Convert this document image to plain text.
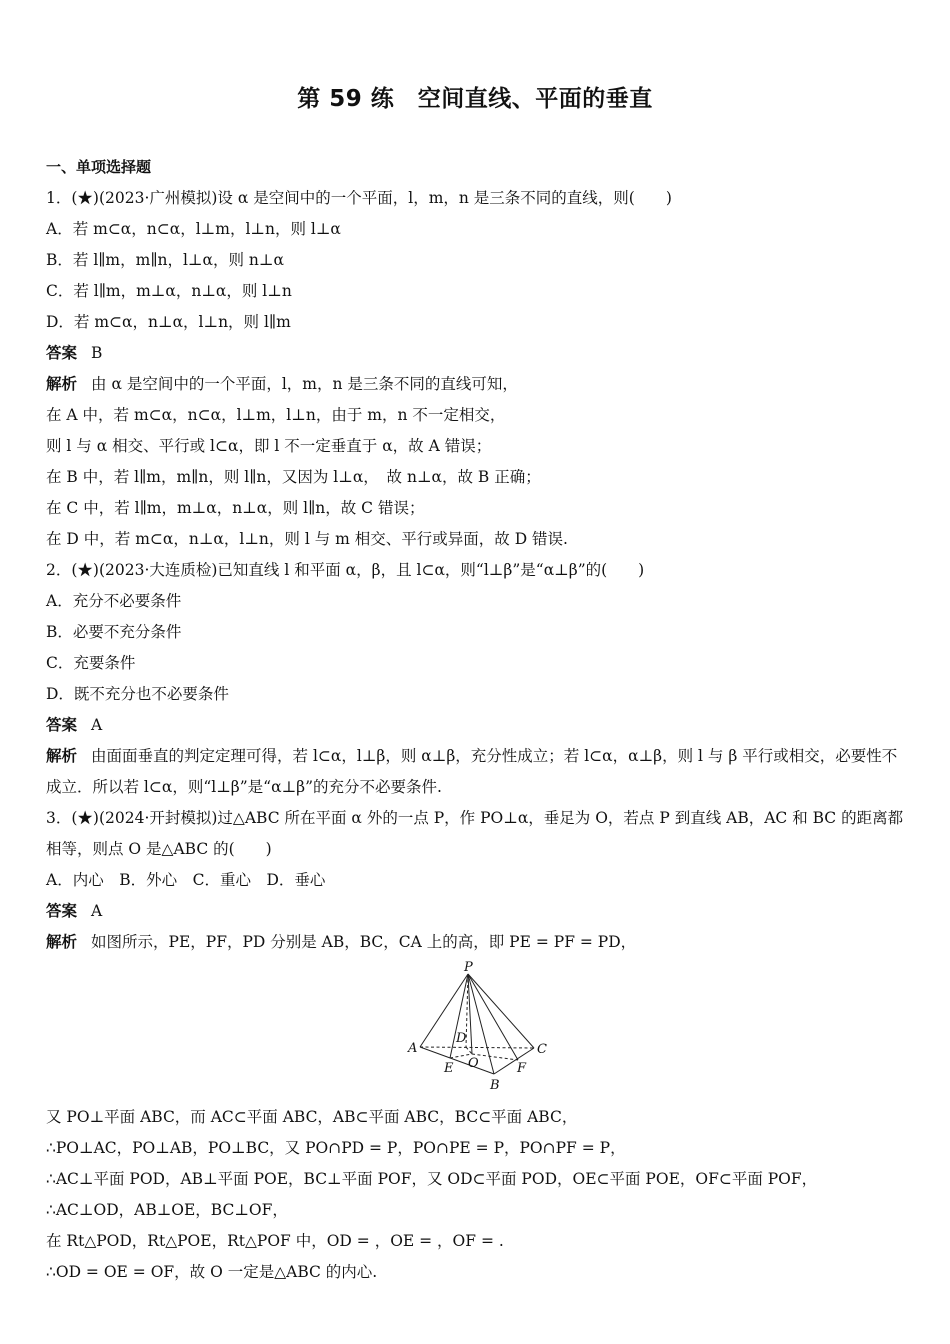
第 59 练　空间直线、平面的垂直
一、单项选择题
1．(★)(2023·广州模拟)设 α 是空间中的一个平面，l，m，n 是三条不同的直线，则(　　)
A．若 m⊂α，n⊂α，l⊥m，l⊥n，则 l⊥α
B．若 l∥m，m∥n，l⊥α，则 n⊥α
C．若 l∥m，m⊥α，n⊥α，则 l⊥n
D．若 m⊂α，n⊥α，l⊥n，则 l∥m
答案 B
解析 由 α 是空间中的一个平面，l，m，n 是三条不同的直线可知，
在 A 中，若 m⊂α，n⊂α，l⊥m，l⊥n，由于 m，n 不一定相交，
则 l 与 α 相交、平行或 l⊂α，即 l 不一定垂直于 α，故 A 错误；
在 B 中，若 l∥m，m∥n，则 l∥n，又因为 l⊥α，　故 n⊥α，故 B 正确；
在 C 中，若 l∥m，m⊥α，n⊥α，则 l∥n，故 C 错误；
在 D 中，若 m⊂α，n⊥α，l⊥n，则 l 与 m 相交、平行或异面，故 D 错误.
2．(★)(2023·大连质检)已知直线 l 和平面 α，β，且 l⊂α，则“l⊥β”是“α⊥β”的(　　)
A．充分不必要条件
B．必要不充分条件
C．充要条件
D．既不充分也不必要条件
答案 A
解析 由面面垂直的判定定理可得，若 l⊂α，l⊥β，则 α⊥β，充分性成立；若 l⊂α，α⊥β，则 l 与 β 平行或相交，必要性不成立．所以若 l⊂α，则“l⊥β”是“α⊥β”的充分不必要条件.
3．(★)(2024·开封模拟)过△ABC 所在平面 α 外的一点 P，作 PO⊥α，垂足为 O，若点 P 到直线 AB，AC 和 BC 的距离都相等，则点 O 是△ABC 的(　　)
A．内心　B．外心　C．重心　D．垂心
答案 A
解析 如图所示，PE，PF，PD 分别是 AB，BC，CA 上的高，即 PE = PF = PD，
P
A	C
B
D
E	F
O
又 PO⊥平面 ABC，而 AC⊂平面 ABC，AB⊂平面 ABC，BC⊂平面 ABC，
∴PO⊥AC，PO⊥AB，PO⊥BC，又 PO∩PD = P，PO∩PE = P，PO∩PF = P，
∴AC⊥平面 POD，AB⊥平面 POE，BC⊥平面 POF，又 OD⊂平面 POD，OE⊂平面 POE，OF⊂平面 POF，
∴AC⊥OD，AB⊥OE，BC⊥OF，
在 Rt△POD，Rt△POE，Rt△POF 中，OD = ，OE = ，OF = .
∴OD = OE = OF，故 O 一定是△ABC 的内心.
